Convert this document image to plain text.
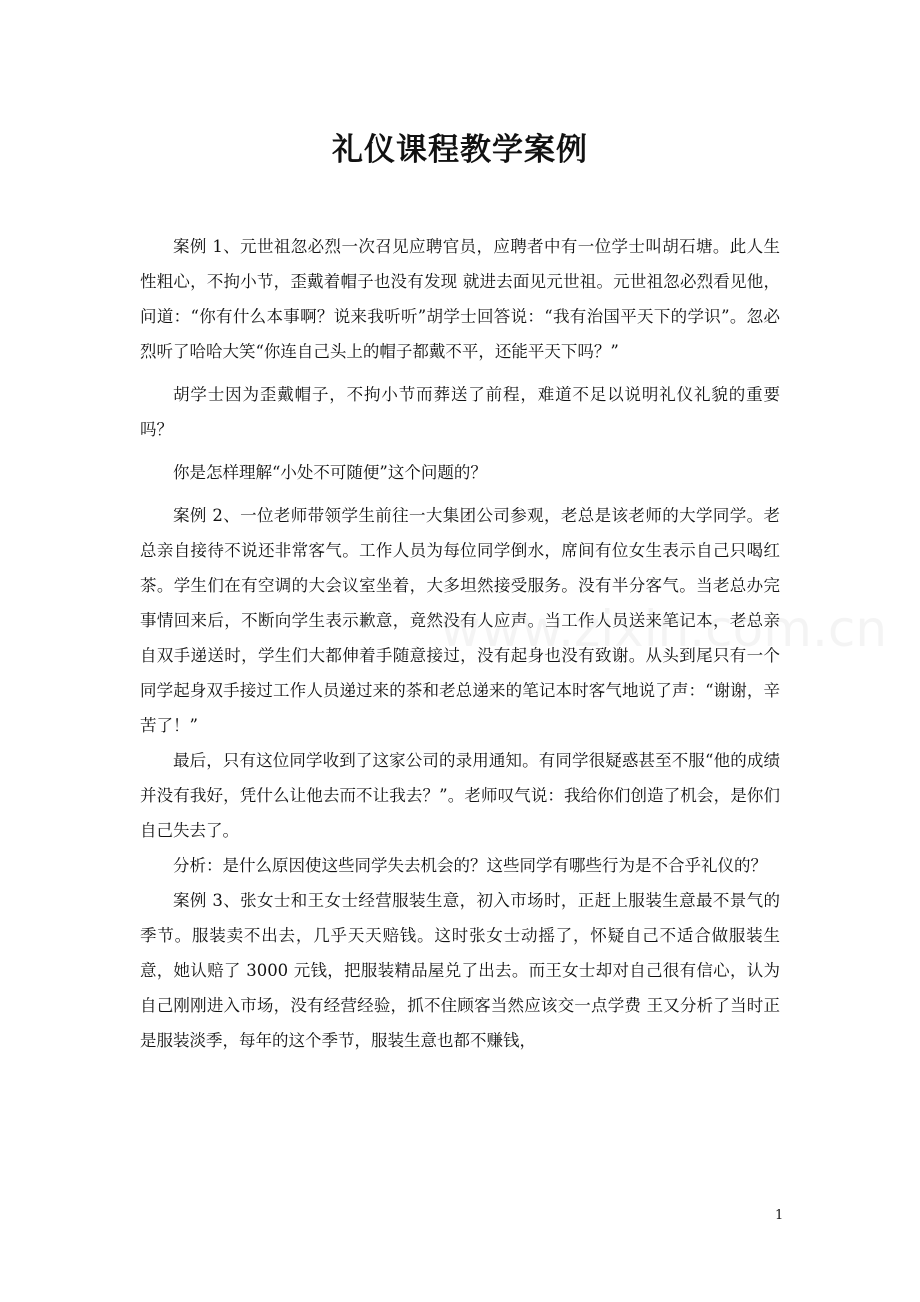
礼仪课程教学案例

案例 1、元世祖忽必烈一次召见应聘官员，应聘者中有一位学士叫胡石塘。此人生性粗心，不拘小节，歪戴着帽子也没有发现 就进去面见元世祖。元世祖忽必烈看见他，问道：“你有什么本事啊？说来我听听”胡学士回答说：“我有治国平天下的学识”。忽必烈听了哈哈大笑“你连自己头上的帽子都戴不平，还能平天下吗？”

胡学士因为歪戴帽子，不拘小节而葬送了前程，难道不足以说明礼仪礼貌的重要吗？

你是怎样理解“小处不可随便”这个问题的？

案例 2、一位老师带领学生前往一大集团公司参观，老总是该老师的大学同学。老总亲自接待不说还非常客气。工作人员为每位同学倒水，席间有位女生表示自己只喝红茶。学生们在有空调的大会议室坐着，大多坦然接受服务。没有半分客气。当老总办完事情回来后，不断向学生表示歉意，竟然没有人应声。当工作人员送来笔记本，老总亲自双手递送时，学生们大都伸着手随意接过，没有起身也没有致谢。从头到尾只有一个同学起身双手接过工作人员递过来的茶和老总递来的笔记本时客气地说了声：“谢谢，辛苦了！”

最后，只有这位同学收到了这家公司的录用通知。有同学很疑惑甚至不服“他的成绩并没有我好，凭什么让他去而不让我去？”。老师叹气说：我给你们创造了机会，是你们自己失去了。

分析：是什么原因使这些同学失去机会的？这些同学有哪些行为是不合乎礼仪的？

案例 3、张女士和王女士经营服装生意，初入市场时，正赶上服装生意最不景气的季节。服装卖不出去，几乎天天赔钱。这时张女士动摇了，怀疑自己不适合做服装生意，她认赔了 3000 元钱，把服装精品屋兑了出去。而王女士却对自己很有信心，认为自己刚刚进入市场，没有经营经验，抓不住顾客当然应该交一点学费 王又分析了当时正是服装淡季，每年的这个季节，服装生意也都不赚钱，

1
